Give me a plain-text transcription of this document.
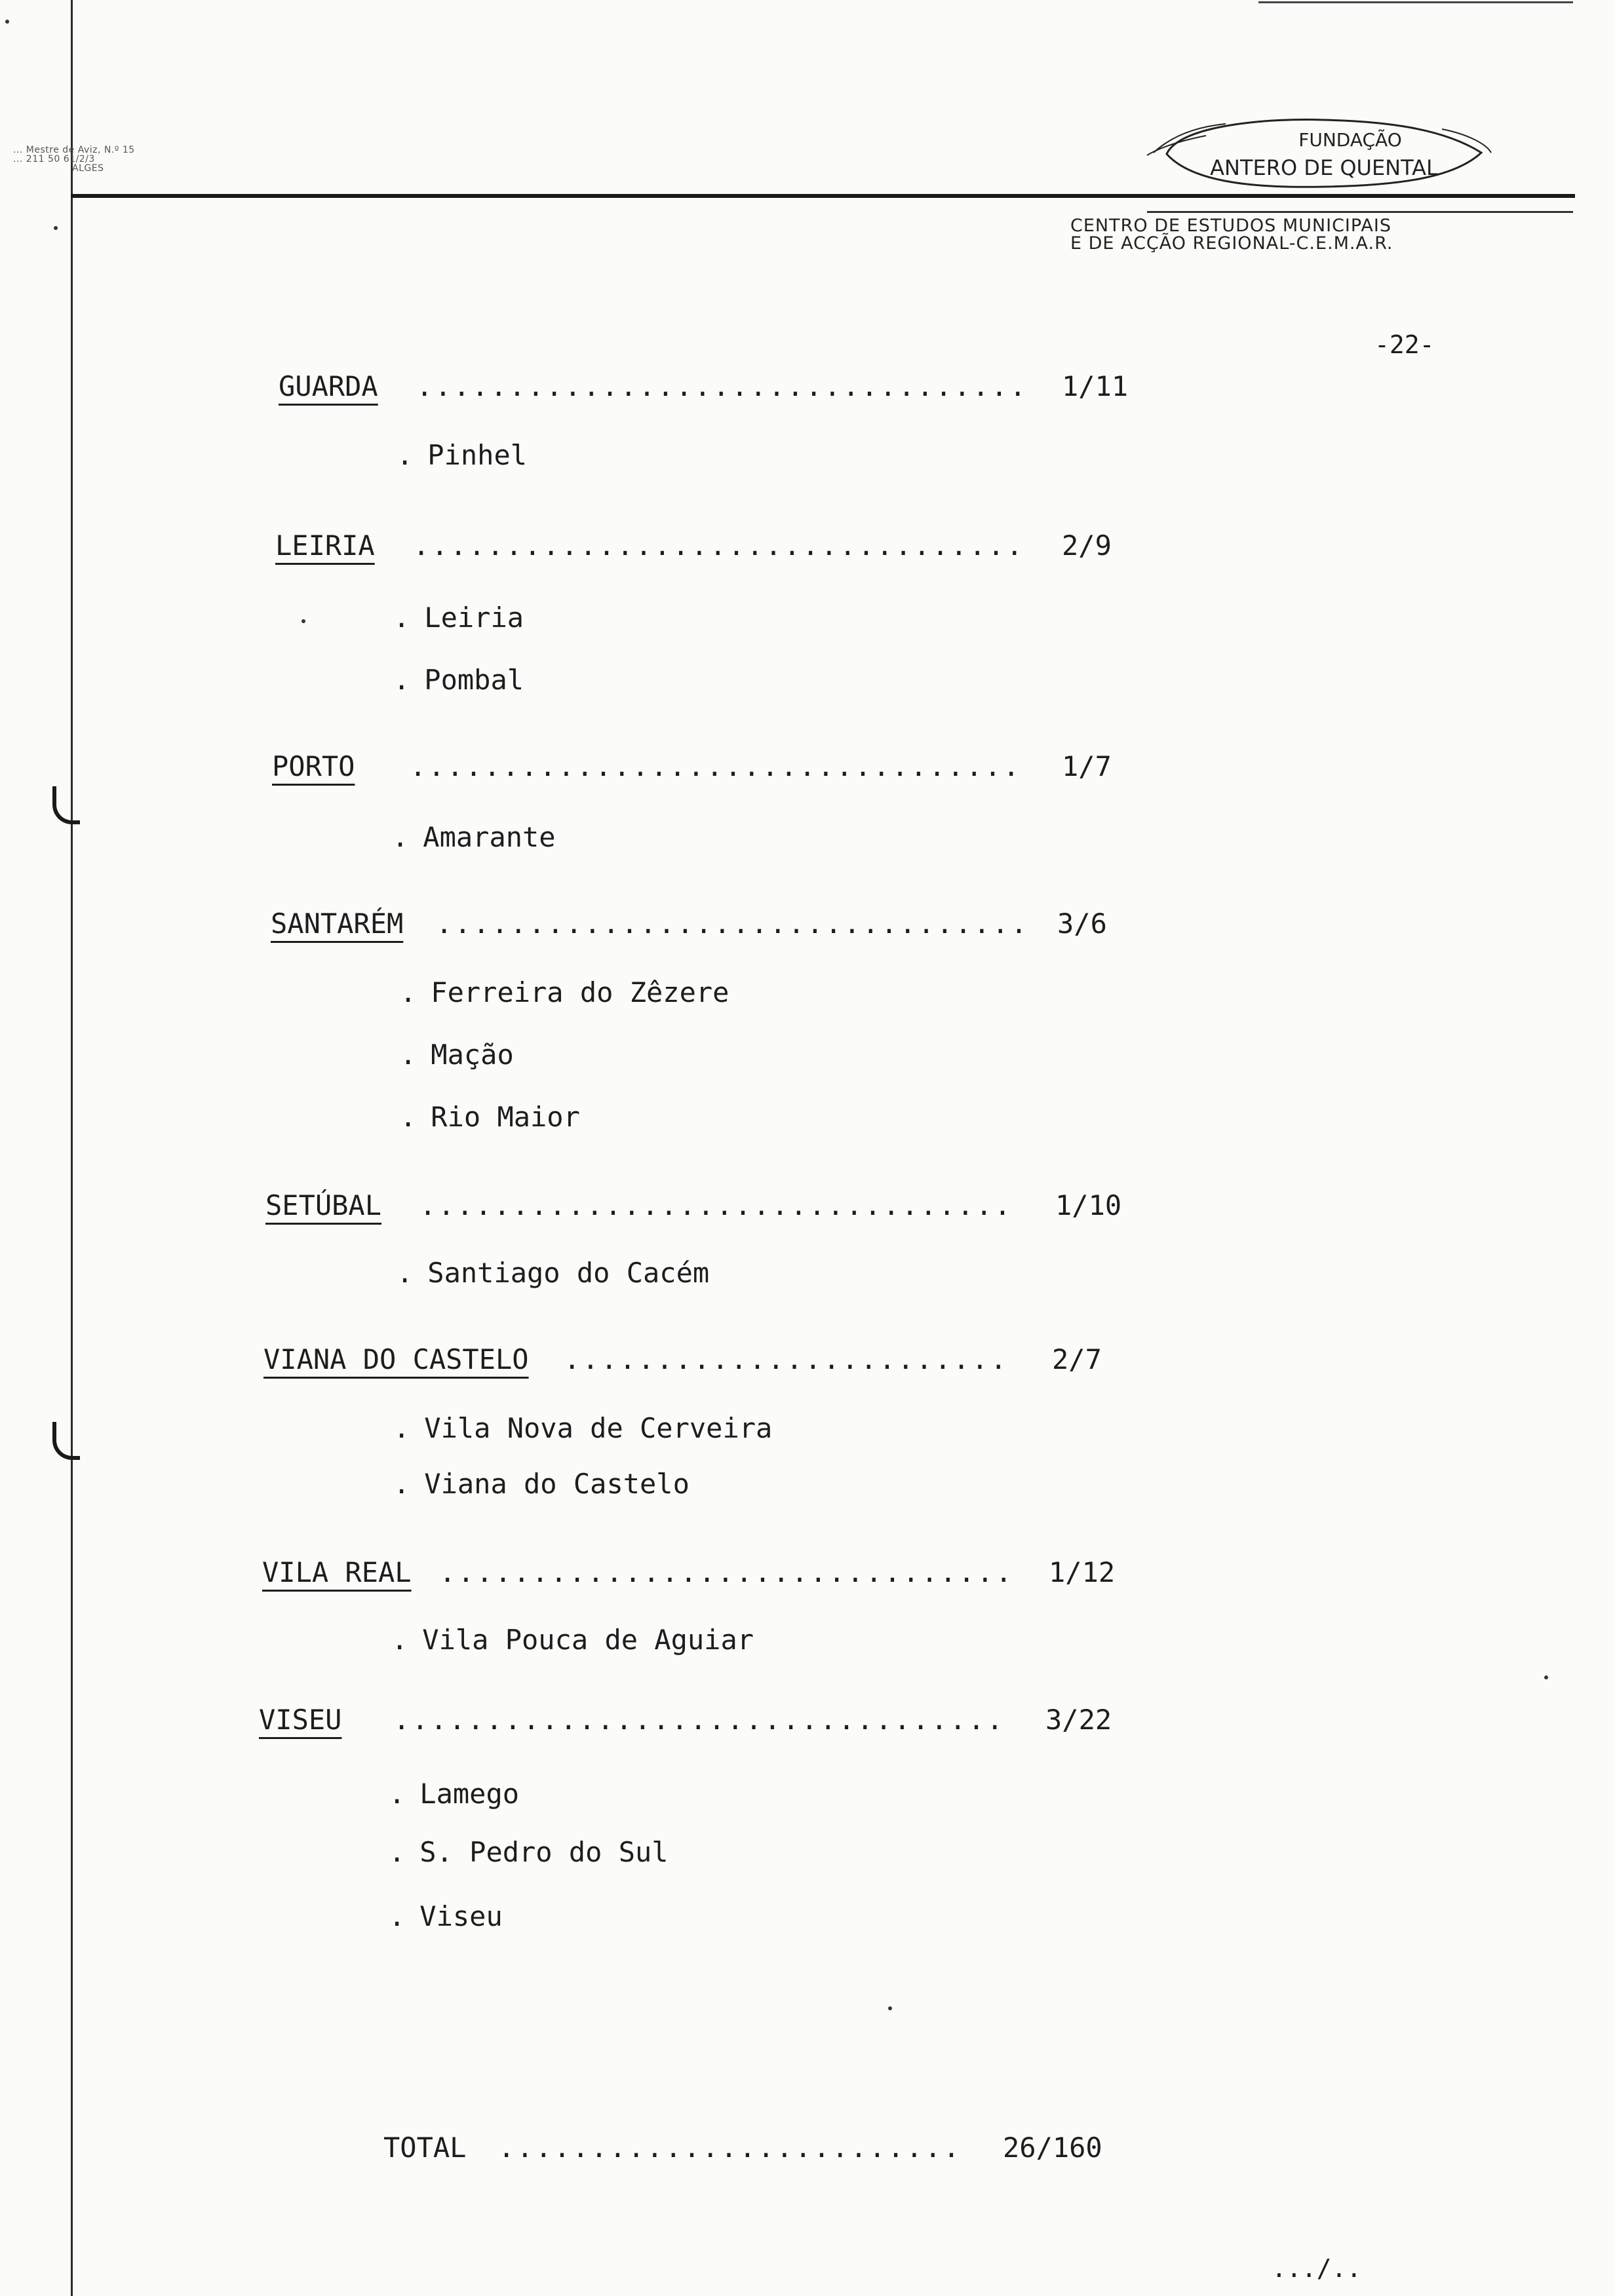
... Mestre de Aviz, N.º 15
... 211 50 61/2/3
ALGES
FUNDAÇÃO
ANTERO DE QUENTAL
CENTRO DE ESTUDOS MUNICIPAIS
E DE ACÇÃO REGIONAL-C.E.M.A.R.
-22-
GUARDA ................................. 1/11
. Pinhel
LEIRIA ................................. 2/9
. Leiria
. Pombal
PORTO ................................. 1/7
. Amarante
SANTARÉM ................................ 3/6
. Ferreira do Zêzere
. Mação
. Rio Maior
SETÚBAL ................................ 1/10
. Santiago do Cacém
VIANA DO CASTELO ........................ 2/7
. Vila Nova de Cerveira
. Viana do Castelo
VILA REAL ............................... 1/12
. Vila Pouca de Aguiar
VISEU ................................. 3/22
. Lamego
. S. Pedro do Sul
. Viseu
TOTAL ......................... 26/160
.../..
